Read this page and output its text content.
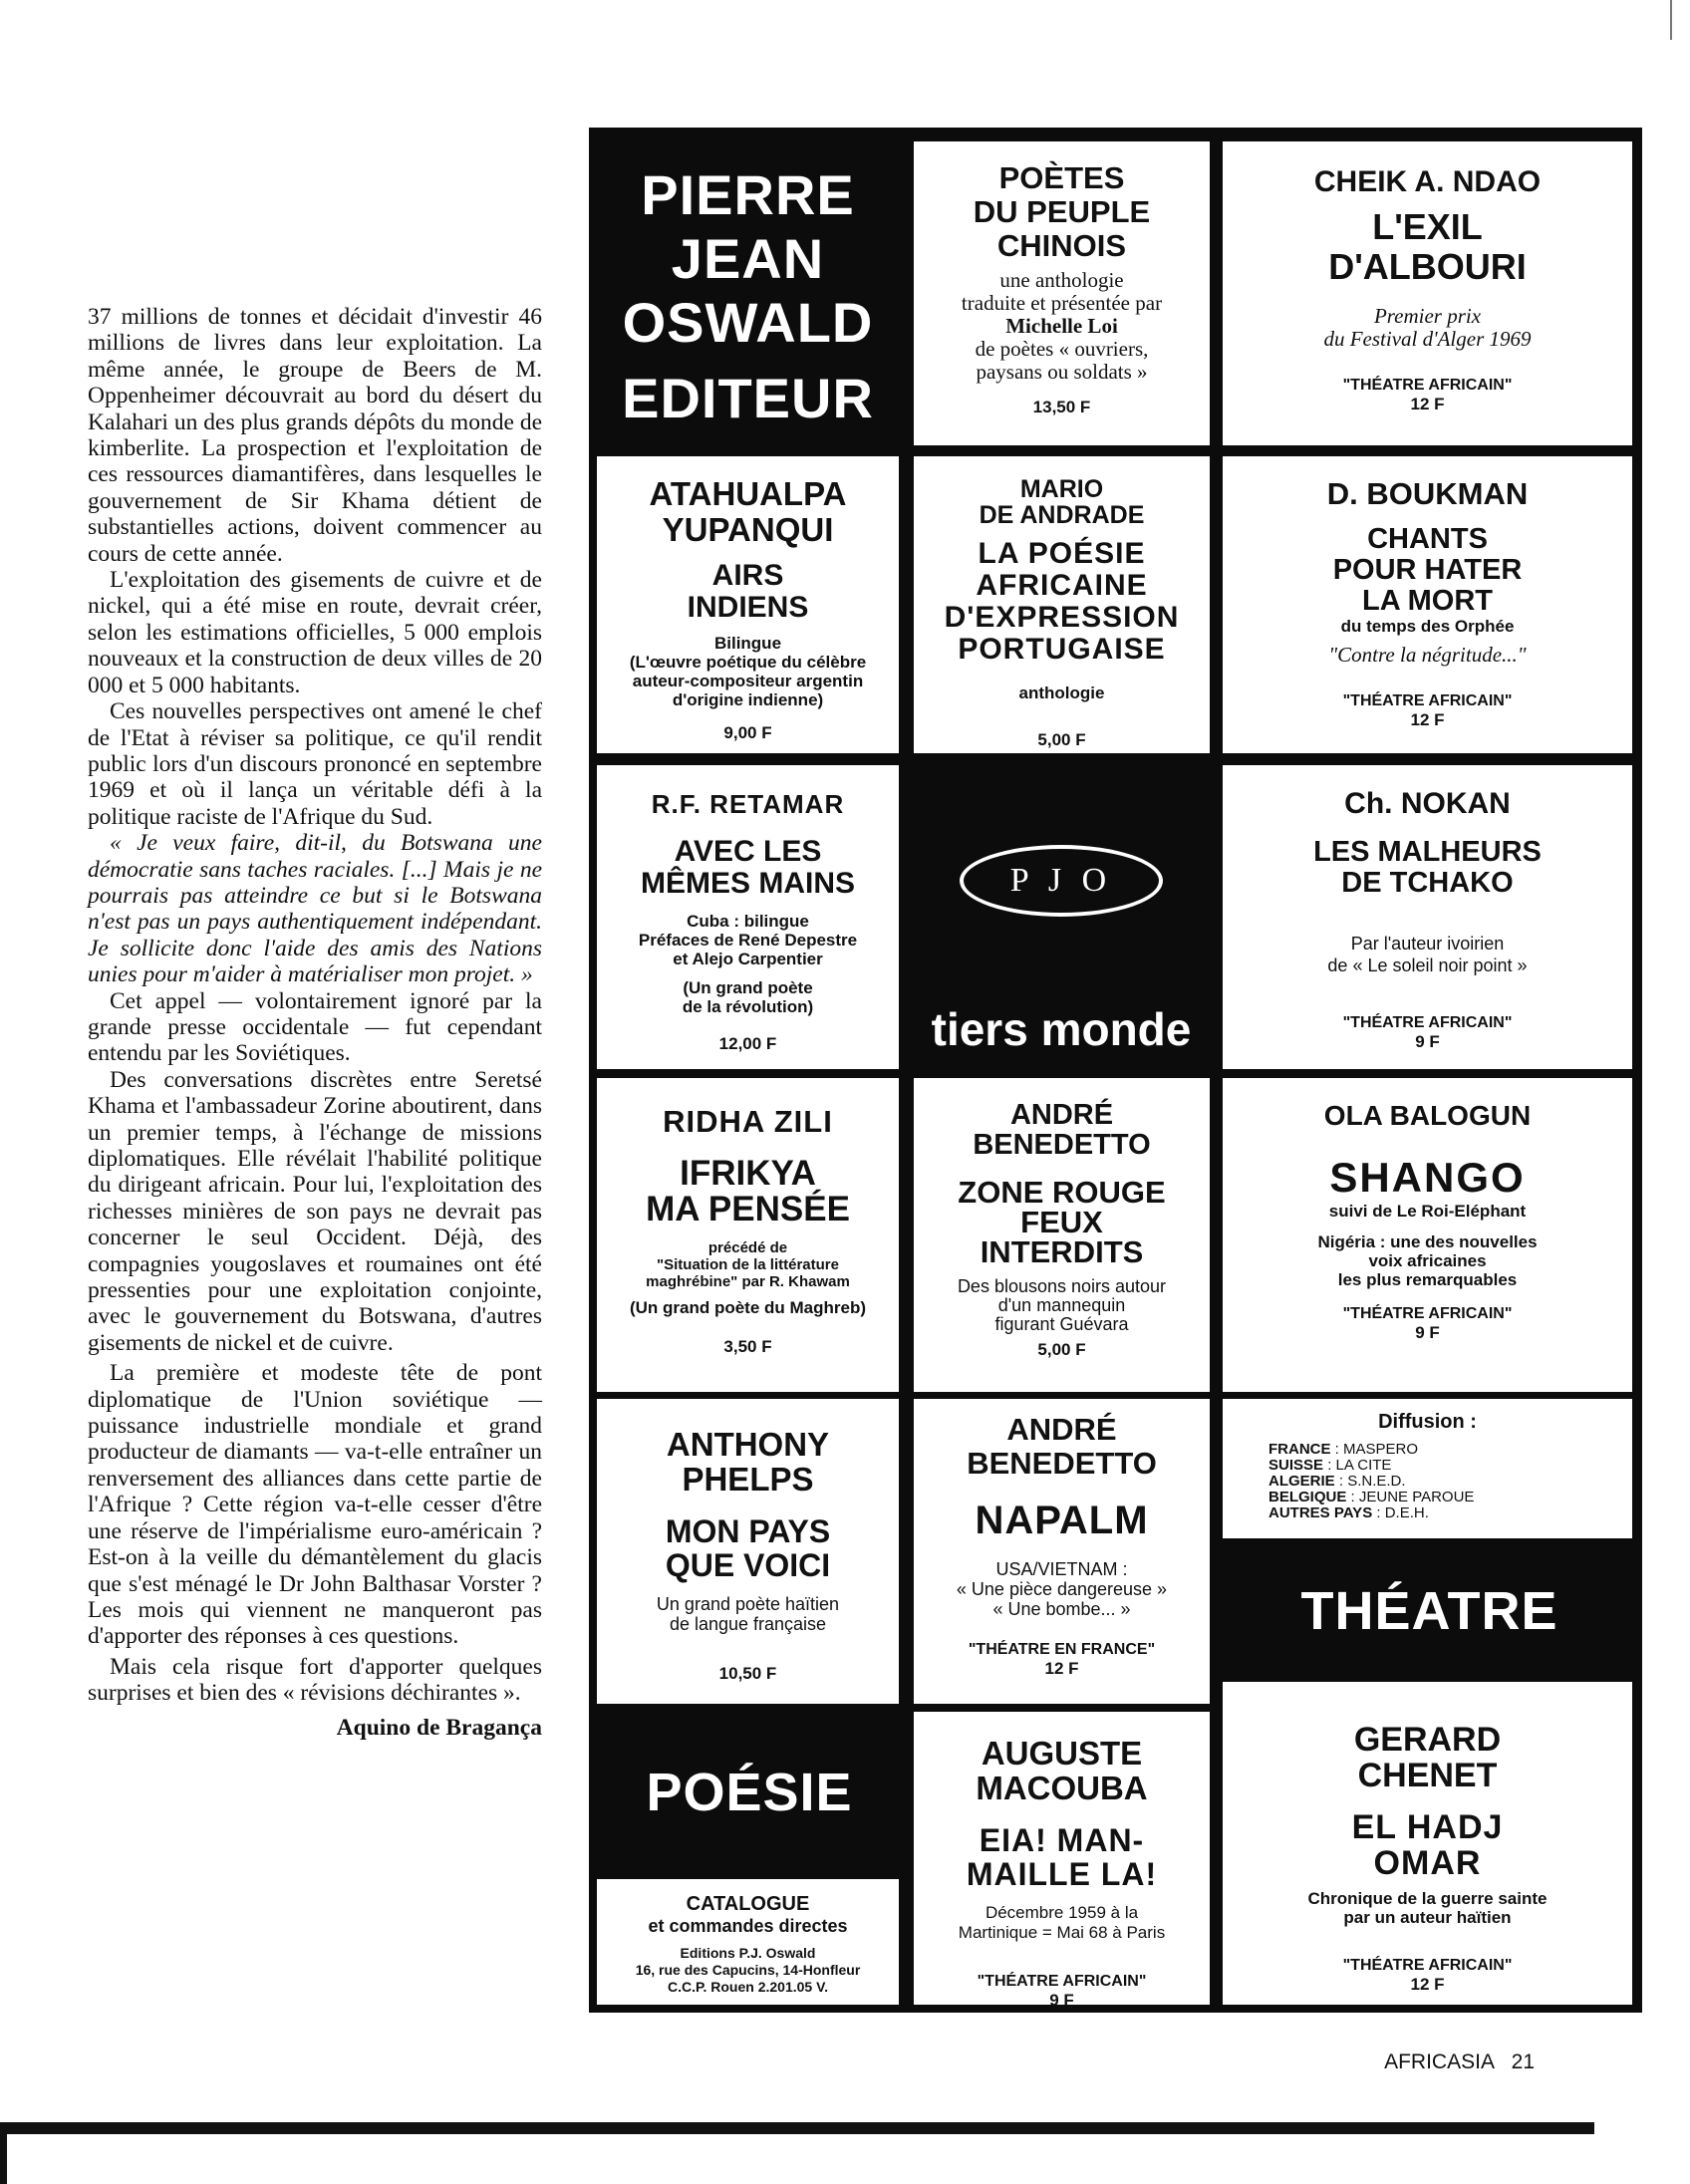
37 millions de tonnes et décidait d'investir 46 millions de livres dans leur exploitation. La même année, le groupe de Beers de M. Oppenheimer découvrait au bord du désert du Kalahari un des plus grands dépôts du monde de kimberlite. La prospection et l'exploitation de ces ressources diamantifères, dans lesquelles le gouvernement de Sir Khama détient de substantielles actions, doivent commencer au cours de cette année.

L'exploitation des gisements de cuivre et de nickel, qui a été mise en route, devrait créer, selon les estimations officielles, 5 000 emplois nouveaux et la construction de deux villes de 20 000 et 5 000 habitants.

Ces nouvelles perspectives ont amené le chef de l'Etat à réviser sa politique, ce qu'il rendit public lors d'un discours prononcé en septembre 1969 et où il lança un véritable défi à la politique raciste de l'Afrique du Sud.

« Je veux faire, dit-il, du Botswana une démocratie sans taches raciales. [...] Mais je ne pourrais pas atteindre ce but si le Botswana n'est pas un pays authentiquement indépendant. Je sollicite donc l'aide des amis des Nations unies pour m'aider à matérialiser mon projet. »

Cet appel — volontairement ignoré par la grande presse occidentale — fut cependant entendu par les Soviétiques.

Des conversations discrètes entre Seretsé Khama et l'ambassadeur Zorine aboutirent, dans un premier temps, à l'échange de missions diplomatiques. Elle révélait l'habilité politique du dirigeant africain. Pour lui, l'exploitation des richesses minières de son pays ne devrait pas concerner le seul Occident. Déjà, des compagnies yougoslaves et roumaines ont été pressenties pour une exploitation conjointe, avec le gouvernement du Botswana, d'autres gisements de nickel et de cuivre.

La première et modeste tête de pont diplomatique de l'Union soviétique — puissance industrielle mondiale et grand producteur de diamants — va-t-elle entraîner un renversement des alliances dans cette partie de l'Afrique ? Cette région va-t-elle cesser d'être une réserve de l'impérialisme euro-américain ? Est-on à la veille du démantèlement du glacis que s'est ménagé le Dr John Balthasar Vorster ? Les mois qui viennent ne manqueront pas d'apporter des réponses à ces questions.

Mais cela risque fort d'apporter quelques surprises et bien des « révisions déchirantes ».

Aquino de Bragança

PIERRE
JEAN
OSWALD
EDITEUR
POÈTES
DU PEUPLE
CHINOIS
une anthologie
traduite et présentée par
Michelle Loi
de poètes « ouvriers,
paysans ou soldats »
13,50 F
CHEIK A. NDAO
L'EXIL
D'ALBOURI
Premier prix
du Festival d'Alger 1969
"THÉATRE AFRICAIN"
12 F
ATAHUALPA
YUPANQUI
AIRS
INDIENS
Bilingue
(L'œuvre poétique du célèbre
auteur-compositeur argentin
d'origine indienne)
9,00 F
MARIO
DE ANDRADE
LA POÉSIE
AFRICAINE
D'EXPRESSION
PORTUGAISE
anthologie
5,00 F
D. BOUKMAN
CHANTS
POUR HATER
LA MORT
du temps des Orphée
"Contre la négritude..."
"THÉATRE AFRICAIN"
12 F
R.F. RETAMAR
AVEC LES
MÊMES MAINS
Cuba : bilingue
Préfaces de René Depestre
et Alejo Carpentier
(Un grand poète
de la révolution)
12,00 F
P J O
tiers monde
Ch. NOKAN
LES MALHEURS
DE TCHAKO
Par l'auteur ivoirien
de « Le soleil noir point »
"THÉATRE AFRICAIN"
9 F
RIDHA ZILI
IFRIKYA
MA PENSÉE
précédé de
"Situation de la littérature
maghrébine" par R. Khawam
(Un grand poète du Maghreb)
3,50 F
ANDRÉ
BENEDETTO
ZONE ROUGE
FEUX
INTERDITS
Des blousons noirs autour
d'un mannequin
figurant Guévara
5,00 F
OLA BALOGUN
SHANGO
suivi de Le Roi-Eléphant
Nigéria : une des nouvelles
voix africaines
les plus remarquables
"THÉATRE AFRICAIN"
9 F
ANTHONY
PHELPS
MON PAYS
QUE VOICI
Un grand poète haïtien
de langue française
10,50 F
ANDRÉ
BENEDETTO
NAPALM
USA/VIETNAM :
« Une pièce dangereuse »
« Une bombe... »
"THÉATRE EN FRANCE"
12 F
Diffusion :
FRANCE : MASPERO
SUISSE : LA CITE
ALGERIE : S.N.E.D.
BELGIQUE : JEUNE PAROUE
AUTRES PAYS : D.E.H.
THÉATRE
POÉSIE
CATALOGUE
et commandes directes
Editions P.J. Oswald
16, rue des Capucins, 14-Honfleur
C.C.P. Rouen 2.201.05 V.
AUGUSTE
MACOUBA
EIA! MAN-
MAILLE LA!
Décembre 1959 à la
Martinique = Mai 68 à Paris
"THÉATRE AFRICAIN"
9 F
GERARD
CHENET
EL HADJ
OMAR
Chronique de la guerre sainte
par un auteur haïtien
"THÉATRE AFRICAIN"
12 F
AFRICASIA 21
